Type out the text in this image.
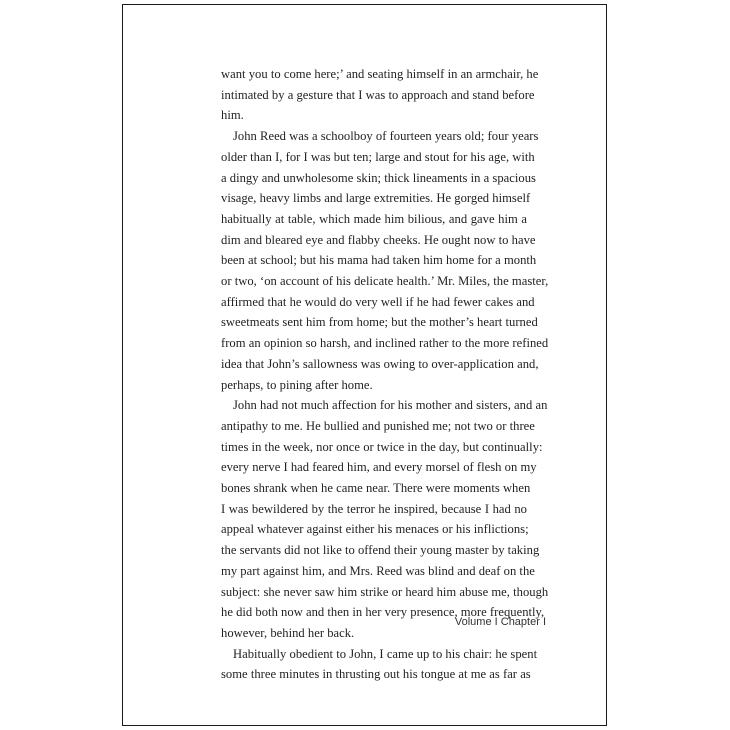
want you to come here;’ and seating himself in an armchair, he
intimated by a gesture that I was to approach and stand before
him.
John Reed was a schoolboy of fourteen years old; four years
older than I, for I was but ten; large and stout for his age, with
a dingy and unwholesome skin; thick lineaments in a spacious
visage, heavy limbs and large extremities. He gorged himself
habitually at table, which made him bilious, and gave him a
dim and bleared eye and flabby cheeks. He ought now to have
been at school; but his mama had taken him home for a month
or two, ‘on account of his delicate health.’ Mr. Miles, the master,
affirmed that he would do very well if he had fewer cakes and
sweetmeats sent him from home; but the mother’s heart turned
from an opinion so harsh, and inclined rather to the more refined
idea that John’s sallowness was owing to over-application and,
perhaps, to pining after home.
John had not much affection for his mother and sisters, and an
antipathy to me. He bullied and punished me; not two or three
times in the week, nor once or twice in the day, but continually:
every nerve I had feared him, and every morsel of flesh on my
bones shrank when he came near. There were moments when
I was bewildered by the terror he inspired, because I had no
appeal whatever against either his menaces or his inflictions;
the servants did not like to offend their young master by taking
my part against him, and Mrs. Reed was blind and deaf on the
subject: she never saw him strike or heard him abuse me, though
he did both now and then in her very presence, more frequently,
however, behind her back.
Habitually obedient to John, I came up to his chair: he spent
some three minutes in thrusting out his tongue at me as far as
Volume I Chapter I
